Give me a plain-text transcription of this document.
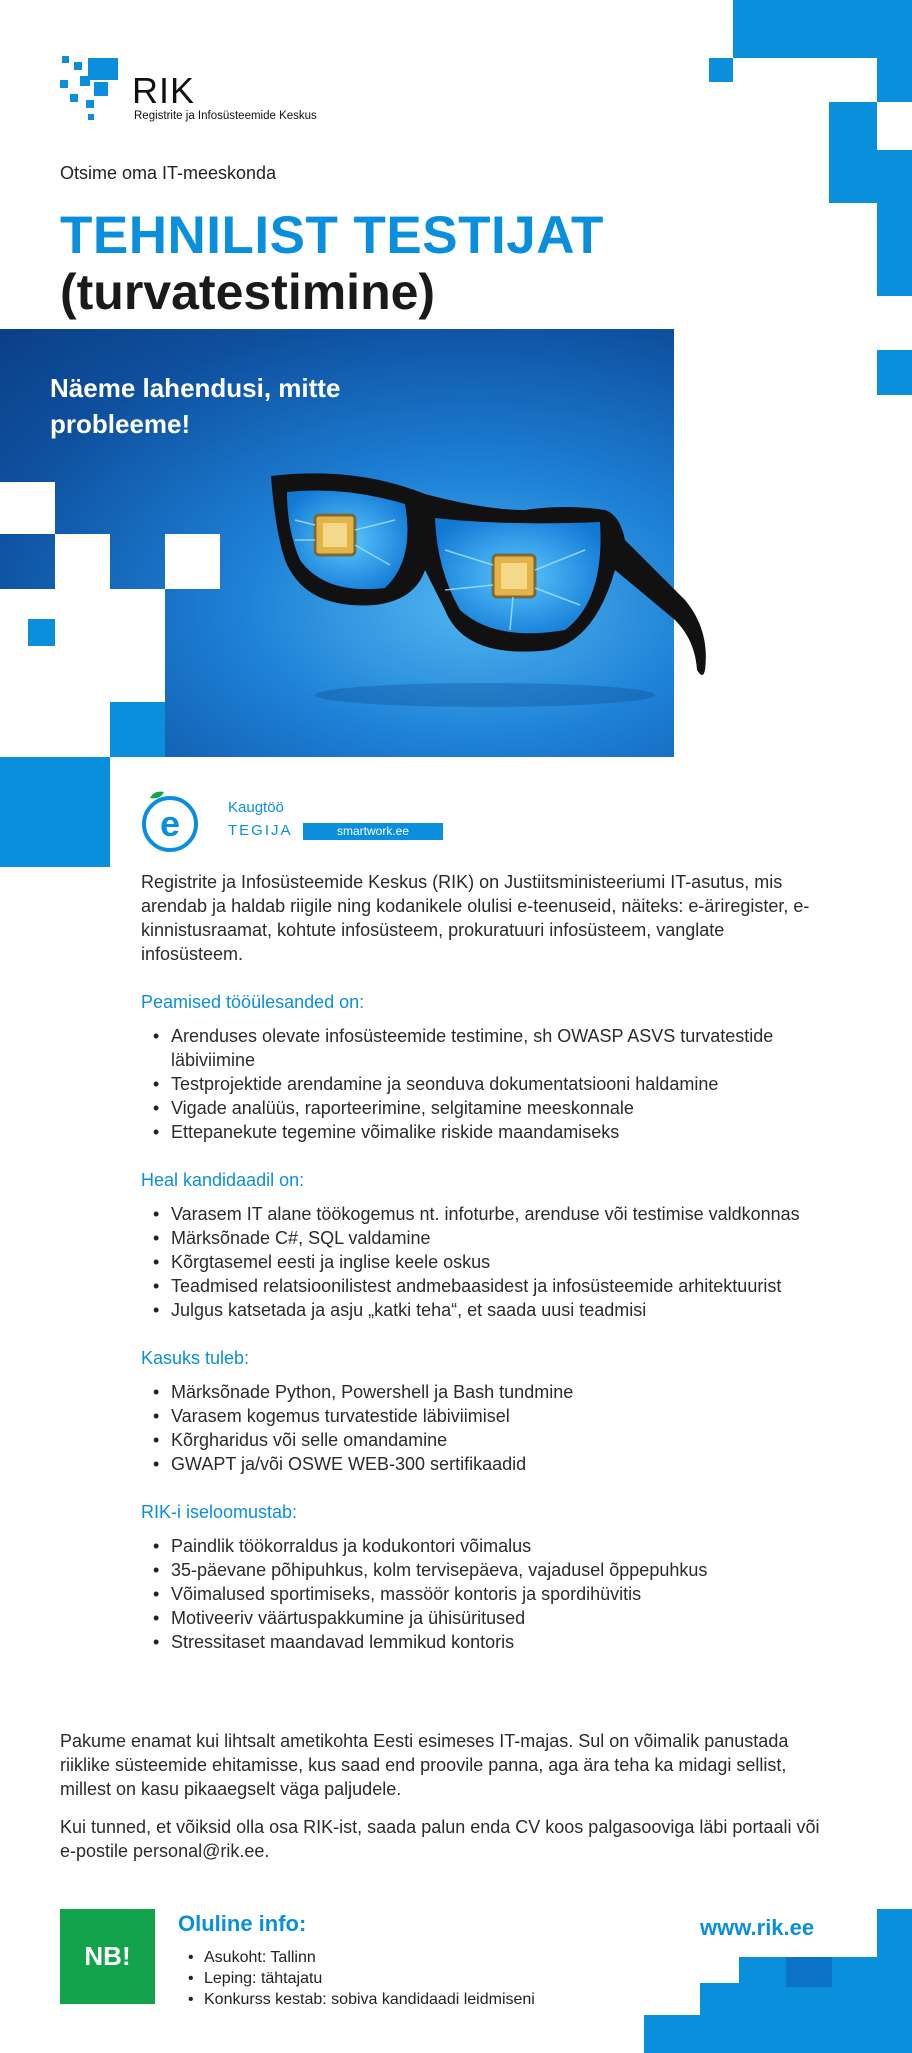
RIK
Registrite ja Infosüsteemide Keskus
Otsime oma IT-meeskonda
TEHNILIST TESTIJAT
(turvatestimine)
Näeme lahendusi, mitte probleeme!
e	Kaugtöö
TEGIJA	smartwork.ee

Registrite ja Infosüsteemide Keskus (RIK) on Justiitsministeeriumi IT-asutus, mis arendab ja haldab riigile ning kodanikele olulisi e-teenuseid, näiteks: e-äriregister, e-kinnistusraamat, kohtute infosüsteem, prokuratuuri infosüsteem, vanglate infosüsteem.

Peamised tööülesanded on:
• Arenduses olevate infosüsteemide testimine, sh OWASP ASVS turvatestide läbiviimine
• Testprojektide arendamine ja seonduva dokumentatsiooni haldamine
• Vigade analüüs, raporteerimine, selgitamine meeskonnale
• Ettepanekute tegemine võimalike riskide maandamiseks
Heal kandidaadil on:
• Varasem IT alane töökogemus nt. infoturbe, arenduse või testimise valdkonnas
• Märksõnade C#, SQL valdamine
• Kõrgtasemel eesti ja inglise keele oskus
• Teadmised relatsioonilistest andmebaasidest ja infosüsteemide arhitektuurist
• Julgus katsetada ja asju „katki teha“, et saada uusi teadmisi
Kasuks tuleb:
• Märksõnade Python, Powershell ja Bash tundmine
• Varasem kogemus turvatestide läbiviimisel
• Kõrgharidus või selle omandamine
• GWAPT ja/või OSWE WEB-300 sertifikaadid
RIK-i iseloomustab:
• Paindlik töökorraldus ja kodukontori võimalus
• 35-päevane põhipuhkus, kolm tervisepäeva, vajadusel õppepuhkus
• Võimalused sportimiseks, massöör kontoris ja spordihüvitis
• Motiveeriv väärtuspakkumine ja ühisüritused
• Stressitaset maandavad lemmikud kontoris

Pakume enamat kui lihtsalt ametikohta Eesti esimeses IT-majas. Sul on võimalik panustada riiklike süsteemide ehitamisse, kus saad end proovile panna, aga ära teha ka midagi sellist, millest on kasu pikaaegselt väga paljudele.

Kui tunned, et võiksid olla osa RIK-ist, saada palun enda CV koos palgasooviga läbi portaali või e-postile personal@rik.ee.

NB!
Oluline info:
• Asukoht: Tallinn
• Leping: tähtajatu
• Konkurss kestab: sobiva kandidaadi leidmiseni
www.rik.ee
